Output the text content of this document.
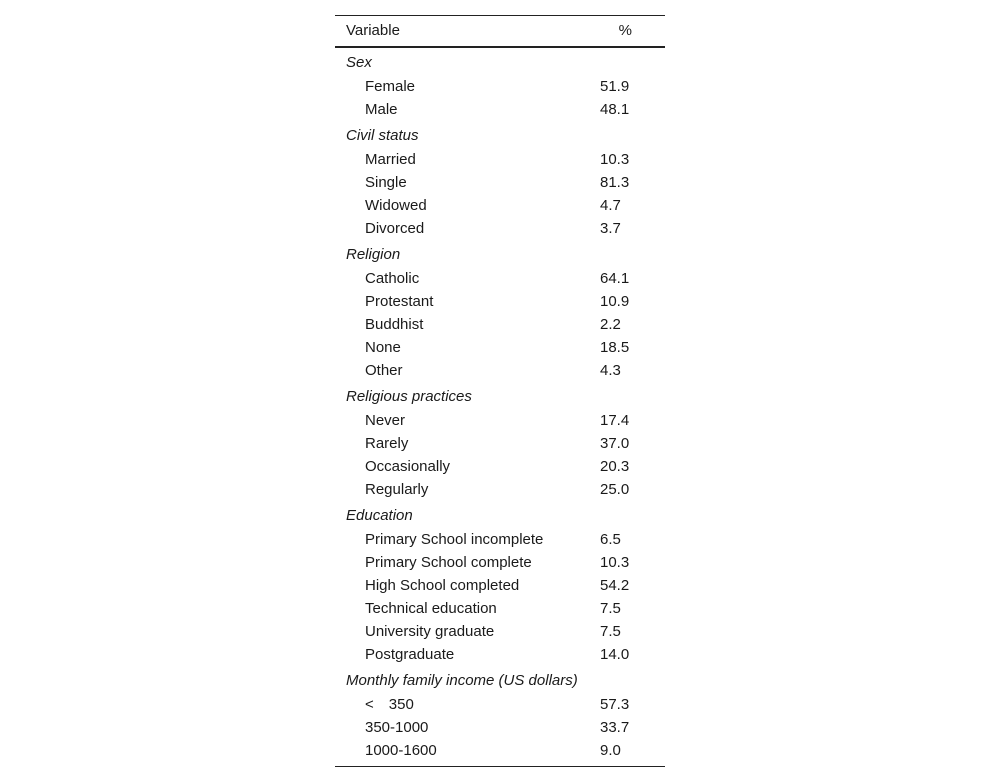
Variable	%
Sex	
Female	51.9
Male	48.1
Civil status	
Married	10.3
Single	81.3
Widowed	4.7
Divorced	3.7
Religion	
Catholic	64.1
Protestant	10.9
Buddhist	2.2
None	18.5
Other	4.3
Religious practices	
Never	17.4
Rarely	37.0
Occasionally	20.3
Regularly	25.0
Education	
Primary School incomplete	6.5
Primary School complete	10.3
High School completed	54.2
Technical education	7.5
University graduate	7.5
Postgraduate	14.0
Monthly family income (US dollars)	
< 350	57.3
350-1000	33.7
1000-1600	9.0
